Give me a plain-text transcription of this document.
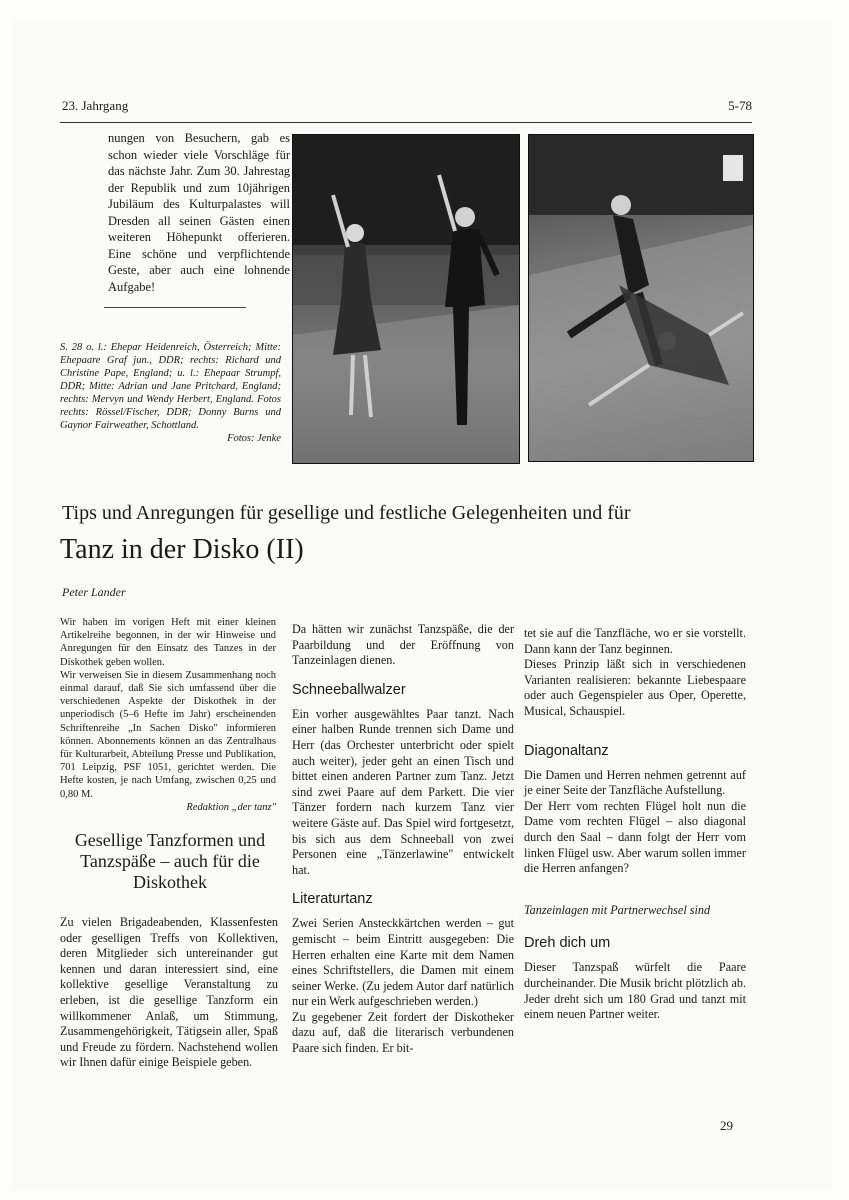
23. Jahrgang	5-78
nungen von Besuchern, gab es schon wieder viele Vorschläge für das nächste Jahr. Zum 30. Jahrestag der Republik und zum 10jährigen Jubiläum des Kulturpalastes will Dresden all seinen Gästen einen weiteren Höhepunkt offerieren. Eine schöne und verpflichtende Geste, aber auch eine lohnende Aufgabe!
S. 28 o. l.: Ehepar Heidenreich, Österreich; Mitte: Ehepaare Graf jun., DDR; rechts: Richard und Christine Pape, England; u. l.: Ehepaar Strumpf, DDR; Mitte: Adrian und Jane Pritchard, England; rechts: Mervyn und Wendy Herbert, England. Fotos rechts: Rössel/Fischer, DDR; Donny Burns und Gaynor Fairweather, Schottland.
Fotos: Jenke
Tips und Anregungen für gesellige und festliche Gelegenheiten und für
Tanz in der Disko (II)
Peter Lander

Wir haben im vorigen Heft mit einer kleinen Artikelreihe begonnen, in der wir Hinweise und Anregungen für den Einsatz des Tanzes in der Diskothek geben wollen.

Wir verweisen Sie in diesem Zusammenhang noch einmal darauf, daß Sie sich umfassend über die verschiedenen Aspekte der Diskothek in der unperiodisch (5–6 Hefte im Jahr) erscheinenden Schriftenreihe „In Sachen Disko" informieren können. Abonnements können an das Zentralhaus für Kulturarbeit, Abteilung Presse und Publikation, 701 Leipzig, PSF 1051, gerichtet werden. Die Hefte kosten, je nach Umfang, zwischen 0,25 und 0,80 M.

Redaktion „der tanz"

Gesellige Tanzformen und Tanzspäße – auch für die Diskothek

Zu vielen Brigadeabenden, Klassenfesten oder geselligen Treffs von Kollektiven, deren Mitglieder sich untereinander gut kennen und daran interessiert sind, eine kollektive gesellige Veranstaltung zu erleben, ist die gesellige Tanzform ein willkommener Anlaß, um Stimmung, Zusammengehörigkeit, Tätigsein aller, Spaß und Freude zu fördern. Nachstehend wollen wir Ihnen dafür einige Beispiele geben.

Da hätten wir zunächst Tanzspäße, die der Paarbildung und der Eröffnung von Tanzeinlagen dienen.

Schneeballwalzer

Ein vorher ausgewähltes Paar tanzt. Nach einer halben Runde trennen sich Dame und Herr (das Orchester unterbricht oder spielt auch weiter), jeder geht an einen Tisch und bittet einen anderen Partner zum Tanz. Jetzt sind zwei Paare auf dem Parkett. Die vier Tänzer fordern nach kurzem Tanz vier weitere Gäste auf. Das Spiel wird fortgesetzt, bis sich aus dem Schneeball von zwei Personen eine „Tänzerlawine" entwickelt hat.

Literaturtanz

Zwei Serien Ansteckkärtchen werden – gut gemischt – beim Eintritt ausgegeben: Die Herren erhalten eine Karte mit dem Namen eines Schriftstellers, die Damen mit einem seiner Werke. (Zu jedem Autor darf natürlich nur ein Werk aufgeschrieben werden.)

Zu gegebener Zeit fordert der Diskotheker dazu auf, daß die literarisch verbundenen Paare sich finden. Er bit-

tet sie auf die Tanzfläche, wo er sie vorstellt. Dann kann der Tanz beginnen.

Dieses Prinzip läßt sich in verschiedenen Varianten realisieren: bekannte Liebespaare oder auch Gegenspieler aus Oper, Operette, Musical, Schauspiel.

Diagonaltanz

Die Damen und Herren nehmen getrennt auf je einer Seite der Tanzfläche Aufstellung.

Der Herr vom rechten Flügel holt nun die Dame vom rechten Flügel – also diagonal durch den Saal – dann folgt der Herr vom linken Flügel usw. Aber warum sollen immer die Herren anfangen?

Tanzeinlagen mit Partnerwechsel sind

Dreh dich um

Dieser Tanzspaß würfelt die Paare durcheinander. Die Musik bricht plötzlich ab. Jeder dreht sich um 180 Grad und tanzt mit einem neuen Partner weiter.

29
